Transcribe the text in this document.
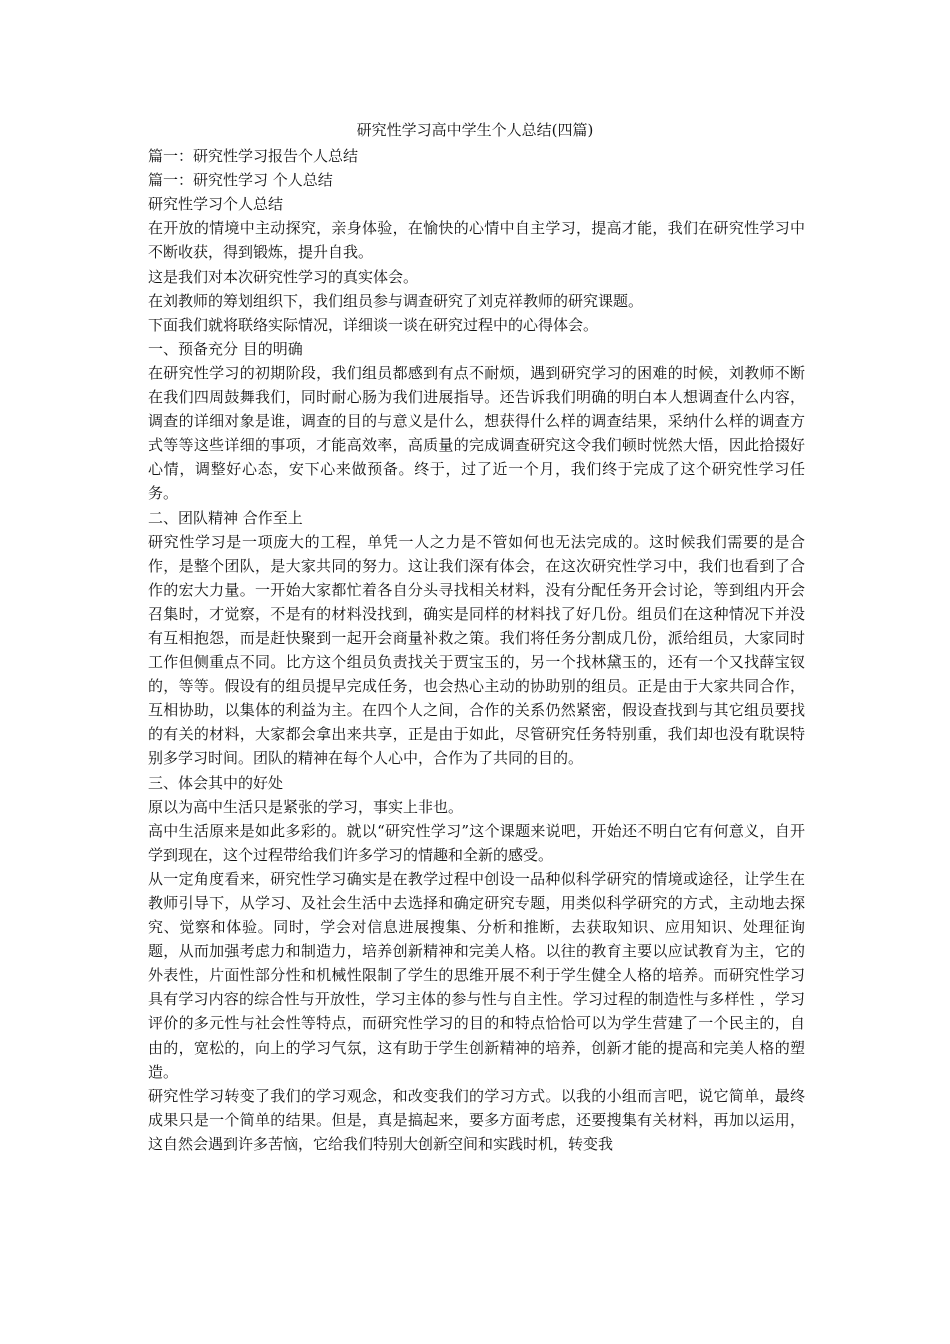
研究性学习高中学生个人总结(四篇)

篇一：研究性学习报告个人总结

篇一：研究性学习 个人总结

研究性学习个人总结

在开放的情境中主动探究，亲身体验，在愉快的心情中自主学习，提高才能，我们在研究性学习中不断收获，得到锻炼，提升自我。

这是我们对本次研究性学习的真实体会。

在刘教师的筹划组织下，我们组员参与调查研究了刘克祥教师的研究课题。

下面我们就将联络实际情况，详细谈一谈在研究过程中的心得体会。

一、预备充分 目的明确

在研究性学习的初期阶段，我们组员都感到有点不耐烦，遇到研究学习的困难的时候，刘教师不断在我们四周鼓舞我们，同时耐心肠为我们进展指导。还告诉我们明确的明白本人想调查什么内容，调查的详细对象是谁，调查的目的与意义是什么，想获得什么样的调查结果，采纳什么样的调查方式等等这些详细的事项，才能高效率，高质量的完成调查研究这令我们顿时恍然大悟，因此拾掇好心情，调整好心态，安下心来做预备。终于，过了近一个月，我们终于完成了这个研究性学习任务。

二、团队精神 合作至上

研究性学习是一项庞大的工程，单凭一人之力是不管如何也无法完成的。这时候我们需要的是合作，是整个团队，是大家共同的努力。这让我们深有体会，在这次研究性学习中，我们也看到了合作的宏大力量。一开始大家都忙着各自分头寻找相关材料，没有分配任务开会讨论，等到组内开会召集时，才觉察，不是有的材料没找到，确实是同样的材料找了好几份。组员们在这种情况下并没有互相抱怨，而是赶快聚到一起开会商量补救之策。我们将任务分割成几份，派给组员，大家同时工作但侧重点不同。比方这个组员负责找关于贾宝玉的，另一个找林黛玉的，还有一个又找薛宝钗的，等等。假设有的组员提早完成任务，也会热心主动的协助别的组员。正是由于大家共同合作，互相协助，以集体的利益为主。在四个人之间，合作的关系仍然紧密，假设查找到与其它组员要找的有关的材料，大家都会拿出来共享，正是由于如此，尽管研究任务特别重，我们却也没有耽误特别多学习时间。团队的精神在每个人心中，合作为了共同的目的。

三、体会其中的好处

原以为高中生活只是紧张的学习，事实上非也。

高中生活原来是如此多彩的。就以“研究性学习”这个课题来说吧，开始还不明白它有何意义，自开学到现在，这个过程带给我们许多学习的情趣和全新的感受。

从一定角度看来，研究性学习确实是在教学过程中创设一品种似科学研究的情境或途径，让学生在教师引导下，从学习、及社会生活中去选择和确定研究专题，用类似科学研究的方式，主动地去探究、觉察和体验。同时，学会对信息进展搜集、分析和推断，去获取知识、应用知识、处理征询题，从而加强考虑力和制造力，培养创新精神和完美人格。以往的教育主要以应试教育为主，它的外表性，片面性部分性和机械性限制了学生的思维开展不利于学生健全人格的培养。而研究性学习具有学习内容的综合性与开放性，学习主体的参与性与自主性。学习过程的制造性与多样性 ，学习评价的多元性与社会性等特点，而研究性学习的目的和特点恰恰可以为学生营建了一个民主的，自由的，宽松的，向上的学习气氛，这有助于学生创新精神的培养，创新才能的提高和完美人格的塑造。

研究性学习转变了我们的学习观念，和改变我们的学习方式。以我的小组而言吧，说它简单，最终成果只是一个简单的结果。但是，真是搞起来，要多方面考虑，还要搜集有关材料，再加以运用，这自然会遇到许多苦恼，它给我们特别大创新空间和实践时机，转变我
